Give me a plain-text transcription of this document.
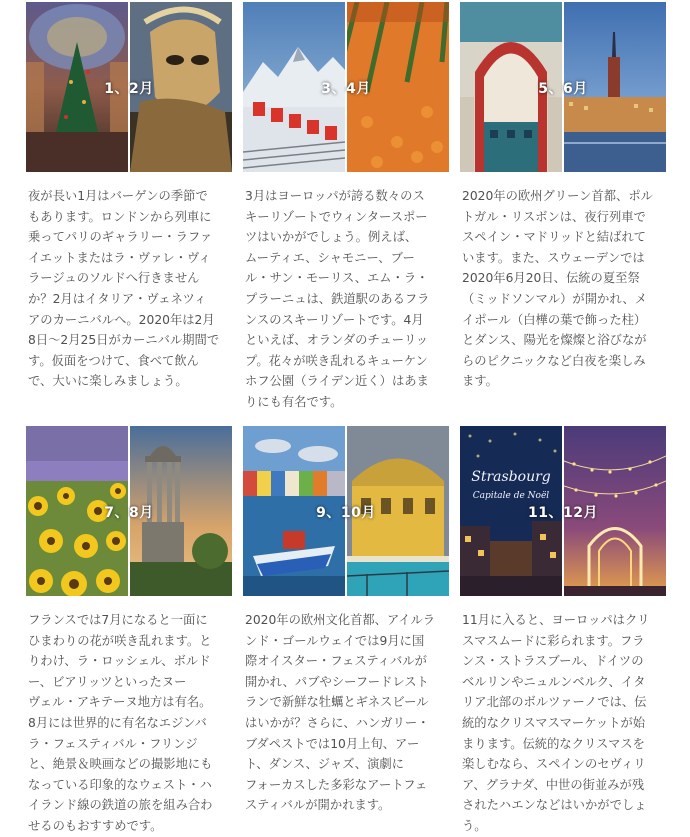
1、2月
夜が長い1月はバーゲンの季節で
もあります。ロンドンから列車に
乗ってパリのギャラリー・ラファ
イエットまたはラ・ヴァレ・ヴィ
ラージュのソルドへ行きません
か？2月はイタリア・ヴェネツィ
アのカーニバルへ。2020年は2月
8日〜2月25日がカーニバル期間で
す。仮面をつけて、食べて飲ん
で、大いに楽しみましょう。
3、4月
3月はヨーロッパが誇る数々のス
キーリゾートでウィンタースポー
ツはいかがでしょう。例えば、
ムーティエ、シャモニー、ブー
ル・サン・モーリス、エム・ラ・
プラーニュは、鉄道駅のあるフラ
ンスのスキーリゾートです。4月
といえば、オランダのチューリッ
プ。花々が咲き乱れるキューケン
ホフ公園（ライデン近く）はあま
りにも有名です。
5、6月
2020年の欧州グリーン首都、ポル
トガル・リスボンは、夜行列車で
スペイン・マドリッドと結ばれて
います。また、スウェーデンでは
2020年6月20日、伝統の夏至祭
（ミッドソンマル）が開かれ、メ
イポール（白樺の葉で飾った柱）
とダンス、陽光を燦燦と浴びなが
らのピクニックなど白夜を楽しみ
ます。
7、8月
フランスでは7月になると一面に
ひまわりの花が咲き乱れます。と
りわけ、ラ・ロッシェル、ボルド
ー、ビアリッツといったヌー
ヴェル・アキテーヌ地方は有名。
8月には世界的に有名なエジンバ
ラ・フェスティバル・フリンジ
と、絶景＆映画などの撮影地にも
なっている印象的なウェスト・ハ
イランド線の鉄道の旅を組み合わ
せるのもおすすめです。
9、10月
2020年の欧州文化首都、アイルラ
ンド・ゴールウェイでは9月に国
際オイスター・フェスティバルが
開かれ、パブやシーフードレスト
ランで新鮮な牡蠣とギネスビール
はいかが？さらに、ハンガリー・
ブダペストでは10月上旬、アー
ト、ダンス、ジャズ、演劇に
フォーカスした多彩なアートフェ
スティバルが開かれます。
Strasbourg
Capitale de Noël
11、12月
11月に入ると、ヨーロッパはクリ
スマスムードに彩られます。フラ
ンス・ストラスブール、ドイツの
ベルリンやニュルンベルク、イタ
リア北部のボルツァーノでは、伝
統的なクリスマスマーケットが始
まります。伝統的なクリスマスを
楽しむなら、スペインのセヴィリ
ア、グラナダ、中世の街並みが残
されたハエンなどはいかがでしょ
う。
